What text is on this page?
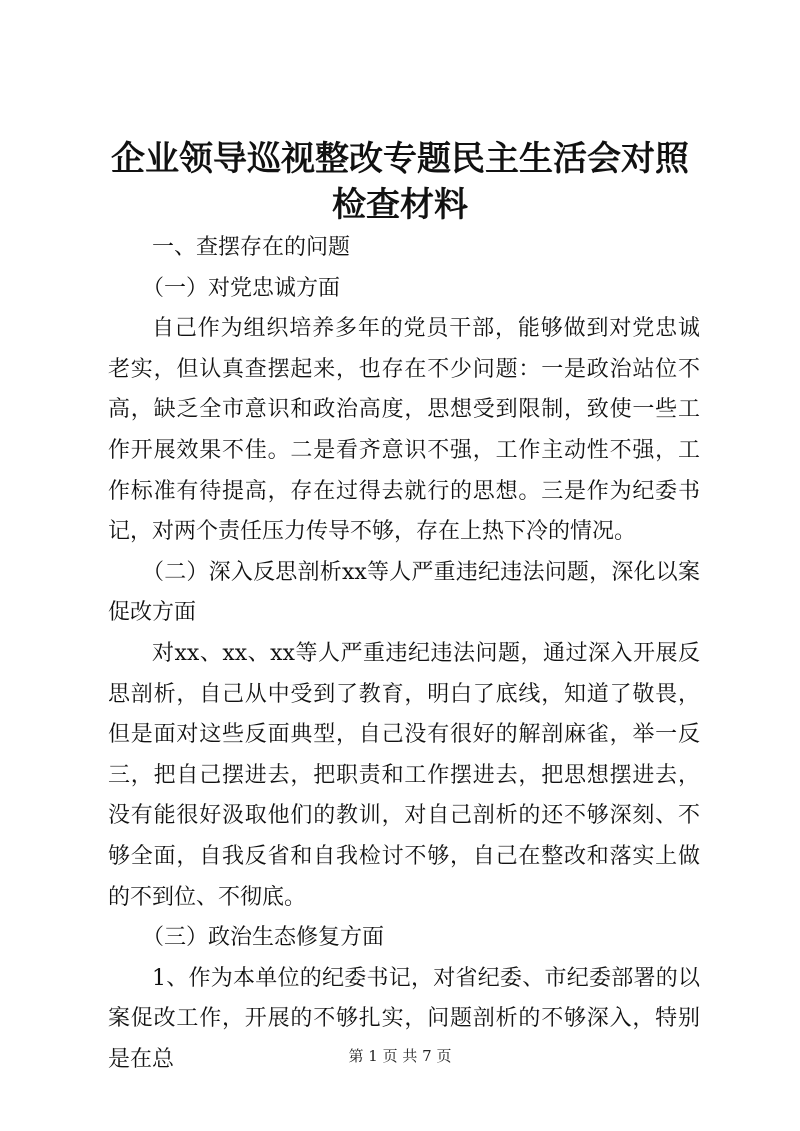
企业领导巡视整改专题民主生活会对照检查材料

一、查摆存在的问题

（一）对党忠诚方面

自己作为组织培养多年的党员干部，能够做到对党忠诚老实，但认真查摆起来，也存在不少问题：一是政治站位不高，缺乏全市意识和政治高度，思想受到限制，致使一些工作开展效果不佳。二是看齐意识不强，工作主动性不强，工作标准有待提高，存在过得去就行的思想。三是作为纪委书记，对两个责任压力传导不够，存在上热下冷的情况。

（二）深入反思剖析xx等人严重违纪违法问题，深化以案促改方面

对xx、xx、xx等人严重违纪违法问题，通过深入开展反思剖析，自己从中受到了教育，明白了底线，知道了敬畏，但是面对这些反面典型，自己没有很好的解剖麻雀，举一反三，把自己摆进去，把职责和工作摆进去，把思想摆进去，没有能很好汲取他们的教训，对自己剖析的还不够深刻、不够全面，自我反省和自我检讨不够，自己在整改和落实上做的不到位、不彻底。

（三）政治生态修复方面

1、作为本单位的纪委书记，对省纪委、市纪委部署的以案促改工作，开展的不够扎实，问题剖析的不够深入，特别是在总	第 1 页 共 7 页
